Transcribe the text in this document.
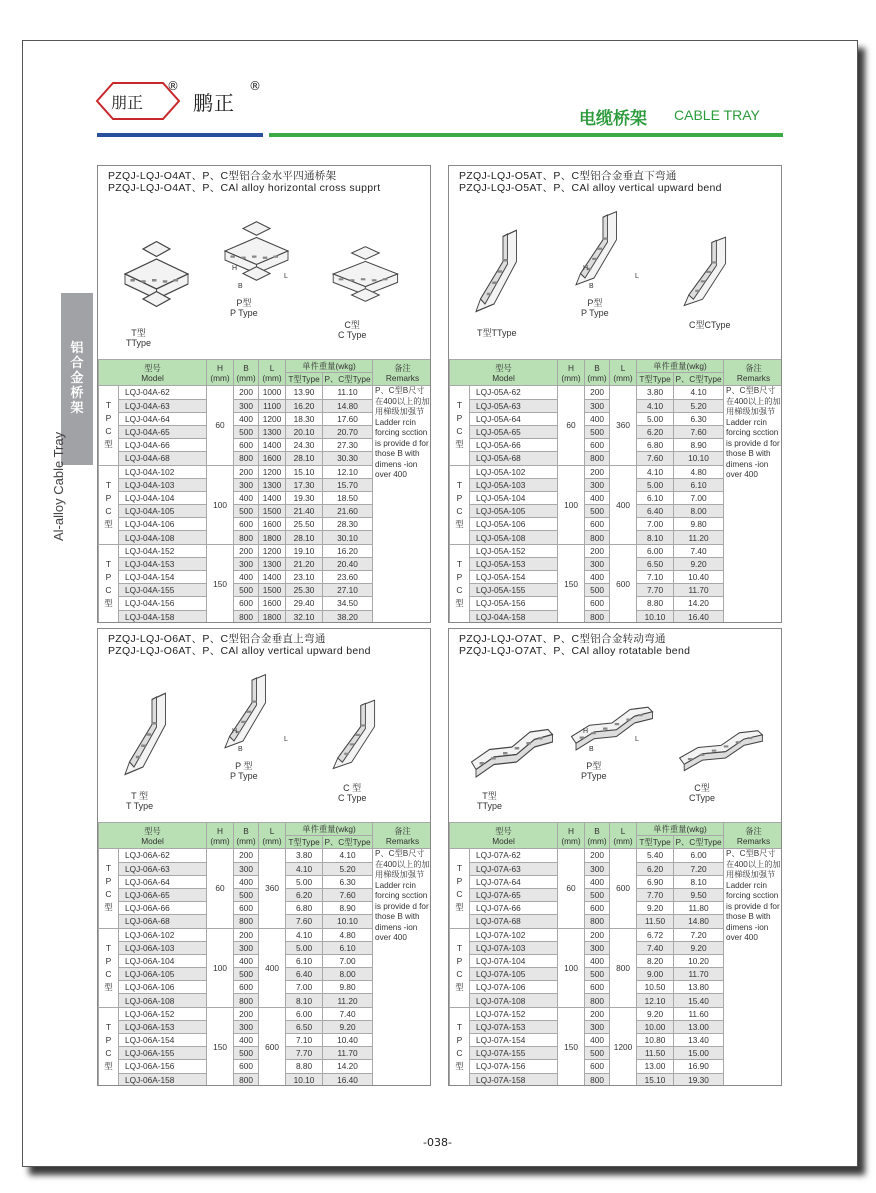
朋正
®
鹏正
®
电缆桥架 CABLE TRAY
铝
合
金
桥
架
Al-alloy Cable Tray
PZQJ-LQJ-O4AT、P、C型铝合金水平四通桥架
PZQJ-LQJ-O4AT、P、CAl alloy horizontal cross supprt
T型
TType
P型
P Type
C型
C Type
H
B
L
型号
Model		H
(mm)	B
(mm)	L
(mm)	单件重量(wkg)		备注
Remarks
					T型Type	P、C型Type	
T
P
C
型	LQJ-04A-62	60	200	1000	13.90	11.10	P、C型B尺寸在400以上的加用梯级加强节
Ladder rcin forcing scction is provide d for those B with dimens -ion over 400
	LQJ-04A-63		300	1100	16.20	14.80	
	LQJ-04A-64		400	1200	18.30	17.60	
	LQJ-04A-65		500	1300	20.10	20.70	
	LQJ-04A-66		600	1400	24.30	27.30	
	LQJ-04A-68		800	1600	28.10	30.30	
T
P
C
型	LQJ-04A-102	100	200	1200	15.10	12.10	
	LQJ-04A-103		300	1300	17.30	15.70	
	LQJ-04A-104		400	1400	19.30	18.50	
	LQJ-04A-105		500	1500	21.40	21.60	
	LQJ-04A-106		600	1600	25.50	28.30	
	LQJ-04A-108		800	1800	28.10	30.10	
T
P
C
型	LQJ-04A-152	150	200	1200	19.10	16.20	
	LQJ-04A-153		300	1300	21.20	20.40	
	LQJ-04A-154		400	1400	23.10	23.60	
	LQJ-04A-155		500	1500	25.30	27.10	
	LQJ-04A-156		600	1600	29.40	34.50	
	LQJ-04A-158		800	1800	32.10	38.20	
PZQJ-LQJ-O5AT、P、C型铝合金垂直下弯通
PZQJ-LQJ-O5AT、P、CAl alloy vertical upward bend
T型TType
P型
P Type
C型CType
H
B
L
型号
Model		H
(mm)	B
(mm)	L
(mm)	单件重量(wkg)		备注
Remarks
					T型Type	P、C型Type	
T
P
C
型	LQJ-05A-62	60	200	360	3.80	4.10	P、C型B尺寸在400以上的加用梯级加强节
Ladder rcin forcing scction is provide d for those B with dimens -ion over 400
	LQJ-05A-63		300		4.10	5.20	
	LQJ-05A-64		400		5.00	6.30	
	LQJ-05A-65		500		6.20	7.60	
	LQJ-05A-66		600		6.80	8.90	
	LQJ-05A-68		800		7.60	10.10	
T
P
C
型	LQJ-05A-102	100	200	400	4.10	4.80	
	LQJ-05A-103		300		5.00	6.10	
	LQJ-05A-104		400		6.10	7.00	
	LQJ-05A-105		500		6.40	8.00	
	LQJ-05A-106		600		7.00	9.80	
	LQJ-05A-108		800		8.10	11.20	
T
P
C
型	LQJ-05A-152	150	200	600	6.00	7.40	
	LQJ-05A-153		300		6.50	9.20	
	LQJ-05A-154		400		7.10	10.40	
	LQJ-05A-155		500		7.70	11.70	
	LQJ-05A-156		600		8.80	14.20	
	LQJ-04A-158		800		10.10	16.40	
PZQJ-LQJ-O6AT、P、C型铝合金垂直上弯通
PZQJ-LQJ-O6AT、P、CAl alloy vertical upward bend
T 型
T Type
P 型
P Type
C 型
C Type
H
B
L
型号
Model		H
(mm)	B
(mm)	L
(mm)	单件重量(wkg)		备注
Remarks
					T型Type	P、C型Type	
T
P
C
型	LQJ-06A-62	60	200	360	3.80	4.10	P、C型B尺寸在400以上的加用梯级加强节
Ladder rcin forcing scction is provide d for those B with dimens -ion over 400
	LQJ-06A-63		300		4.10	5.20	
	LQJ-06A-64		400		5.00	6.30	
	LQJ-06A-65		500		6.20	7.60	
	LQJ-06A-66		600		6.80	8.90	
	LQJ-06A-68		800		7.60	10.10	
T
P
C
型	LQJ-06A-102	100	200	400	4.10	4.80	
	LQJ-06A-103		300		5.00	6.10	
	LQJ-06A-104		400		6.10	7.00	
	LQJ-06A-105		500		6.40	8.00	
	LQJ-06A-106		600		7.00	9.80	
	LQJ-06A-108		800		8.10	11.20	
T
P
C
型	LQJ-06A-152	150	200	600	6.00	7.40	
	LQJ-06A-153		300		6.50	9.20	
	LQJ-06A-154		400		7.10	10.40	
	LQJ-06A-155		500		7.70	11.70	
	LQJ-06A-156		600		8.80	14.20	
	LQJ-06A-158		800		10.10	16.40	
PZQJ-LQJ-O7AT、P、C型铝合金转动弯通
PZQJ-LQJ-O7AT、P、CAl alloy rotatable bend
T型
TType
P型
PType
C型
CType
H
B
L
型号
Model		H
(mm)	B
(mm)	L
(mm)	单件重量(wkg)		备注
Remarks
					T型Type	P、C型Type	
T
P
C
型	LQJ-07A-62	60	200	600	5.40	6.00	P、C型B尺寸在400以上的加用梯级加强节
Ladder rcin forcing scction is provide d for those B with dimens -ion over 400
	LQJ-07A-63		300		6.20	7.20	
	LQJ-07A-64		400		6.90	8.10	
	LQJ-07A-65		500		7.70	9.50	
	LQJ-07A-66		600		9.20	11.80	
	LQJ-07A-68		800		11.50	14.80	
T
P
C
型	LQJ-07A-102	100	200	800	6.72	7.20	
	LQJ-07A-103		300		7.40	9.20	
	LQJ-07A-104		400		8.20	10.20	
	LQJ-07A-105		500		9.00	11.70	
	LQJ-07A-106		600		10.50	13.80	
	LQJ-07A-108		800		12.10	15.40	
T
P
C
型	LQJ-07A-152	150	200	1200	9.20	11.60	
	LQJ-07A-153		300		10.00	13.00	
	LQJ-07A-154		400		10.80	13.40	
	LQJ-07A-155		500		11.50	15.00	
	LQJ-07A-156		600		13.00	16.90	
	LQJ-07A-158		800		15.10	19.30	
-038-
